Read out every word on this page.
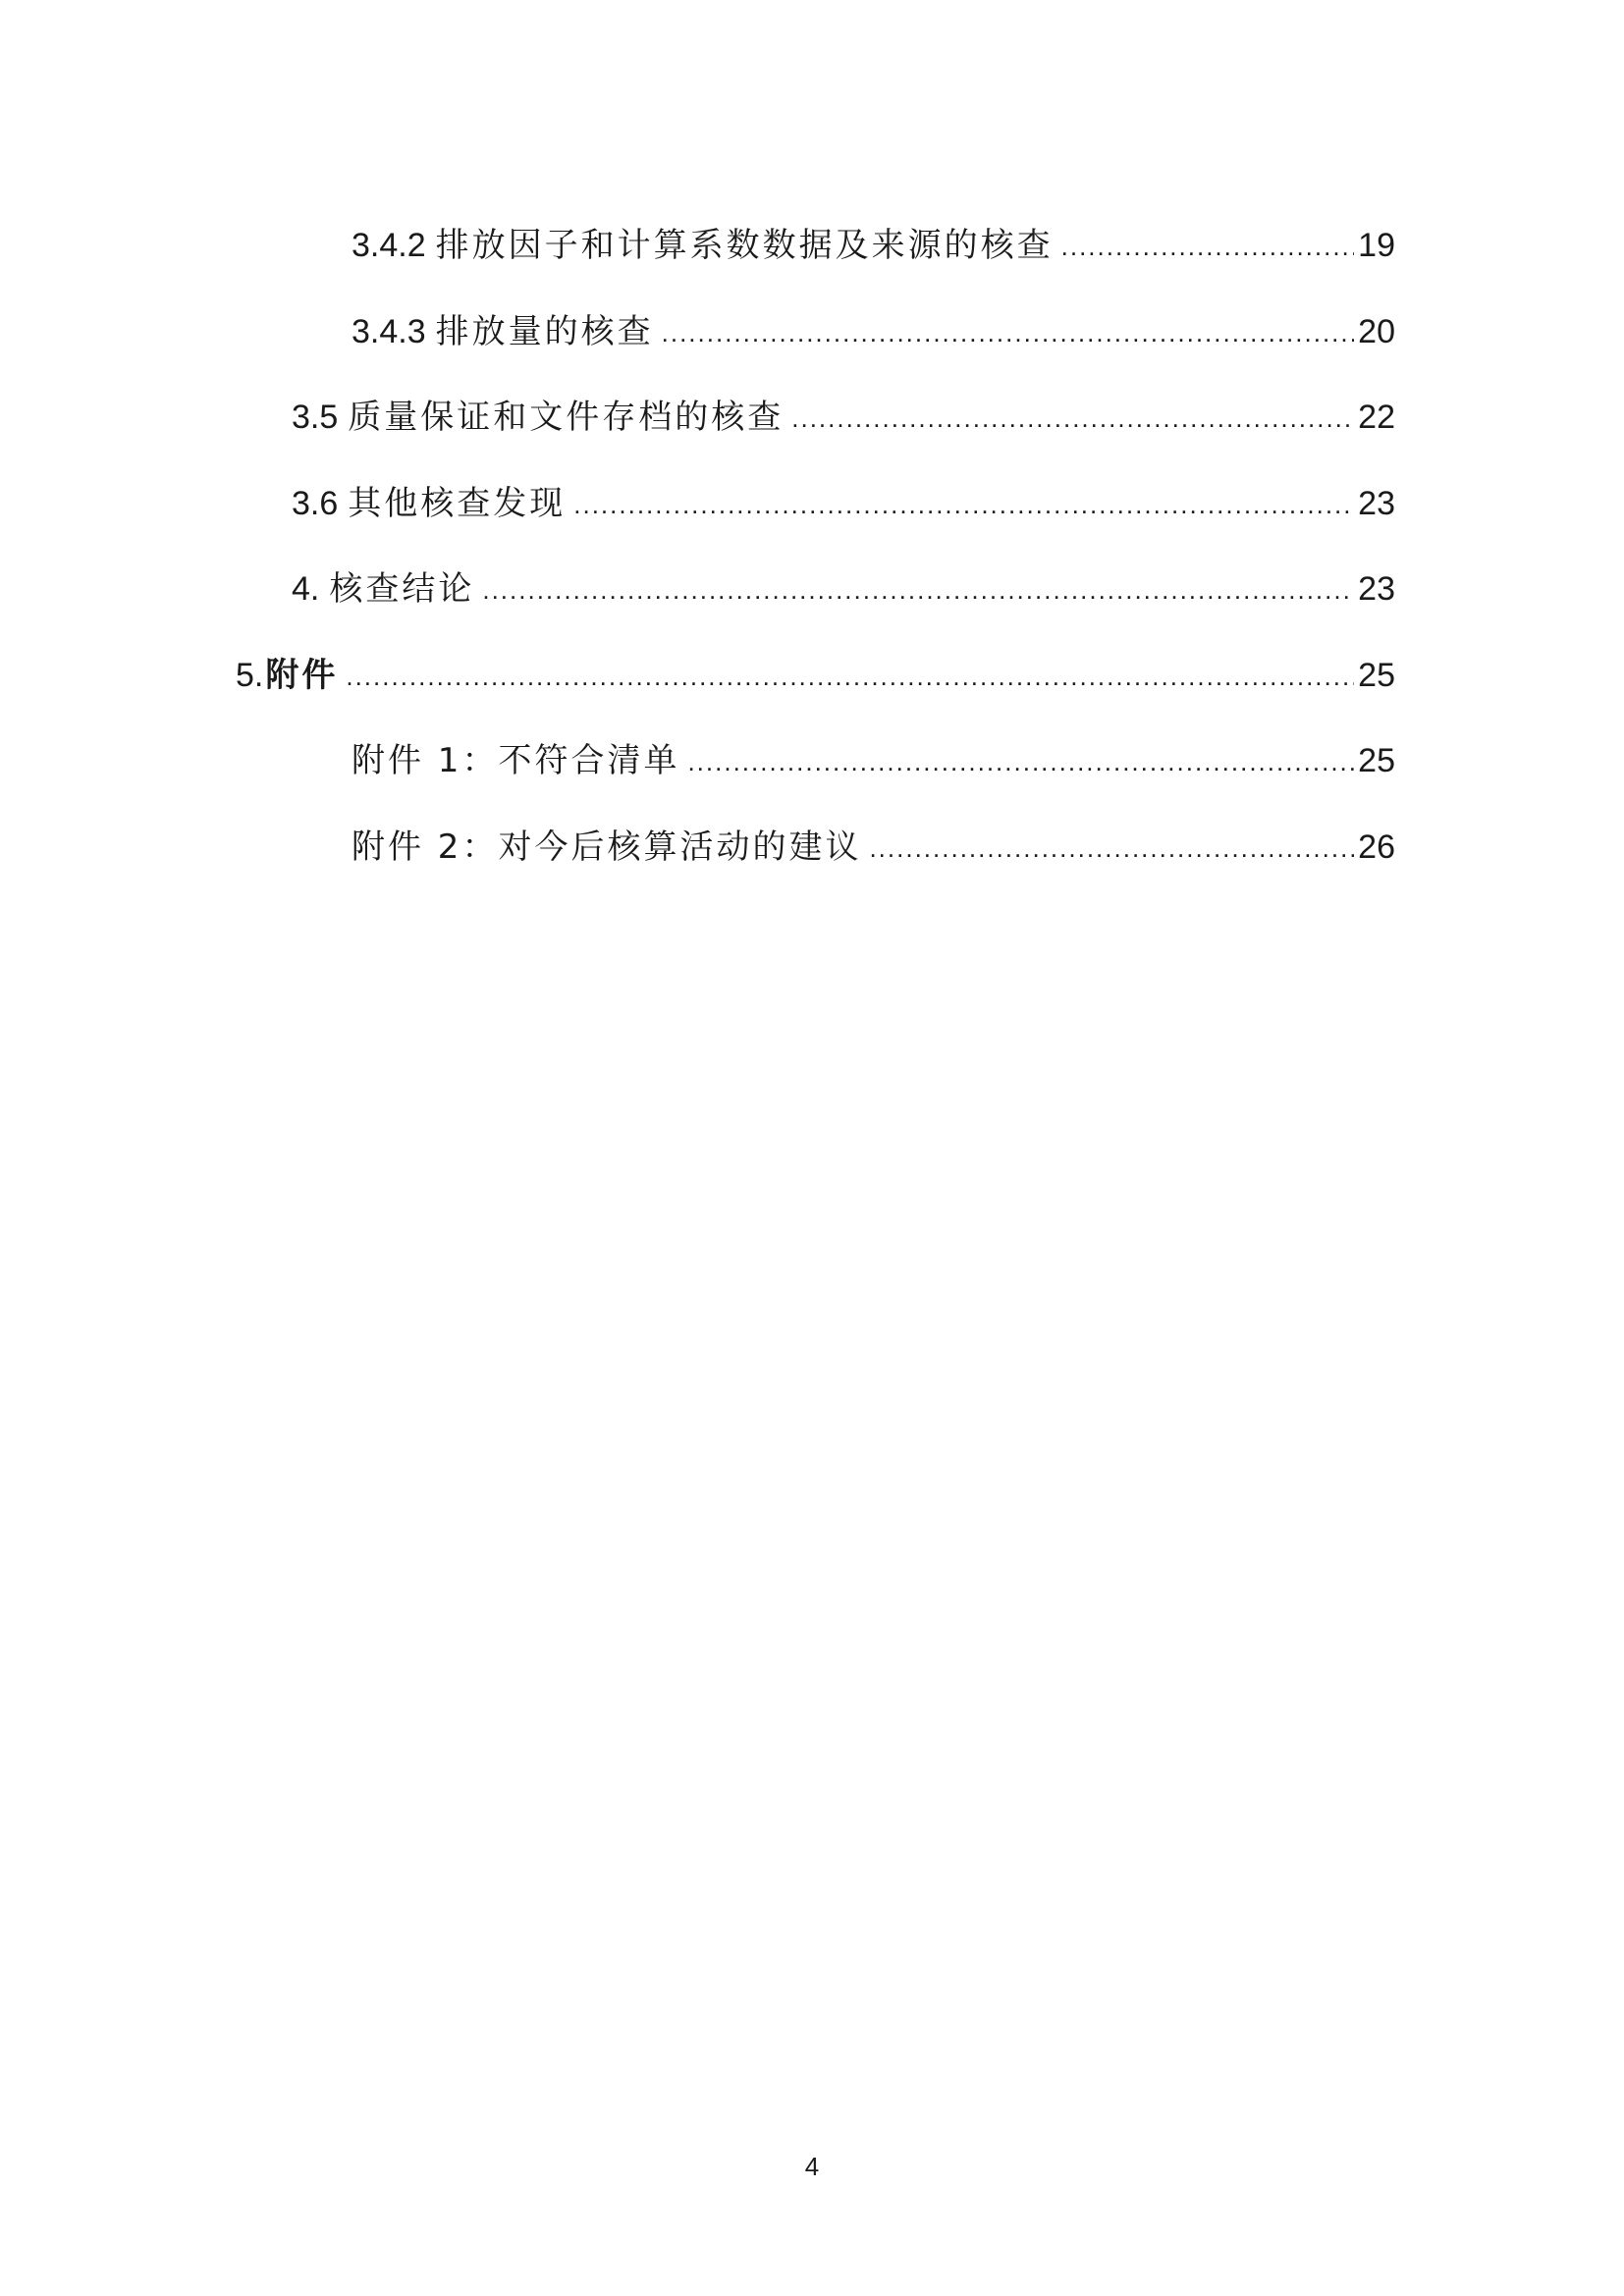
3.4.2 排放因子和计算系数数据及来源的核查 .....	19
3.4.3 排放量的核查 .....	20
3.5 质量保证和文件存档的核查 .....	22
3.6 其他核查发现 .....	23
4. 核查结论 .....	23
5. 附件 .....	25
附件 1：不符合清单 .....	25
附件 2：对今后核算活动的建议 .....	26
4
